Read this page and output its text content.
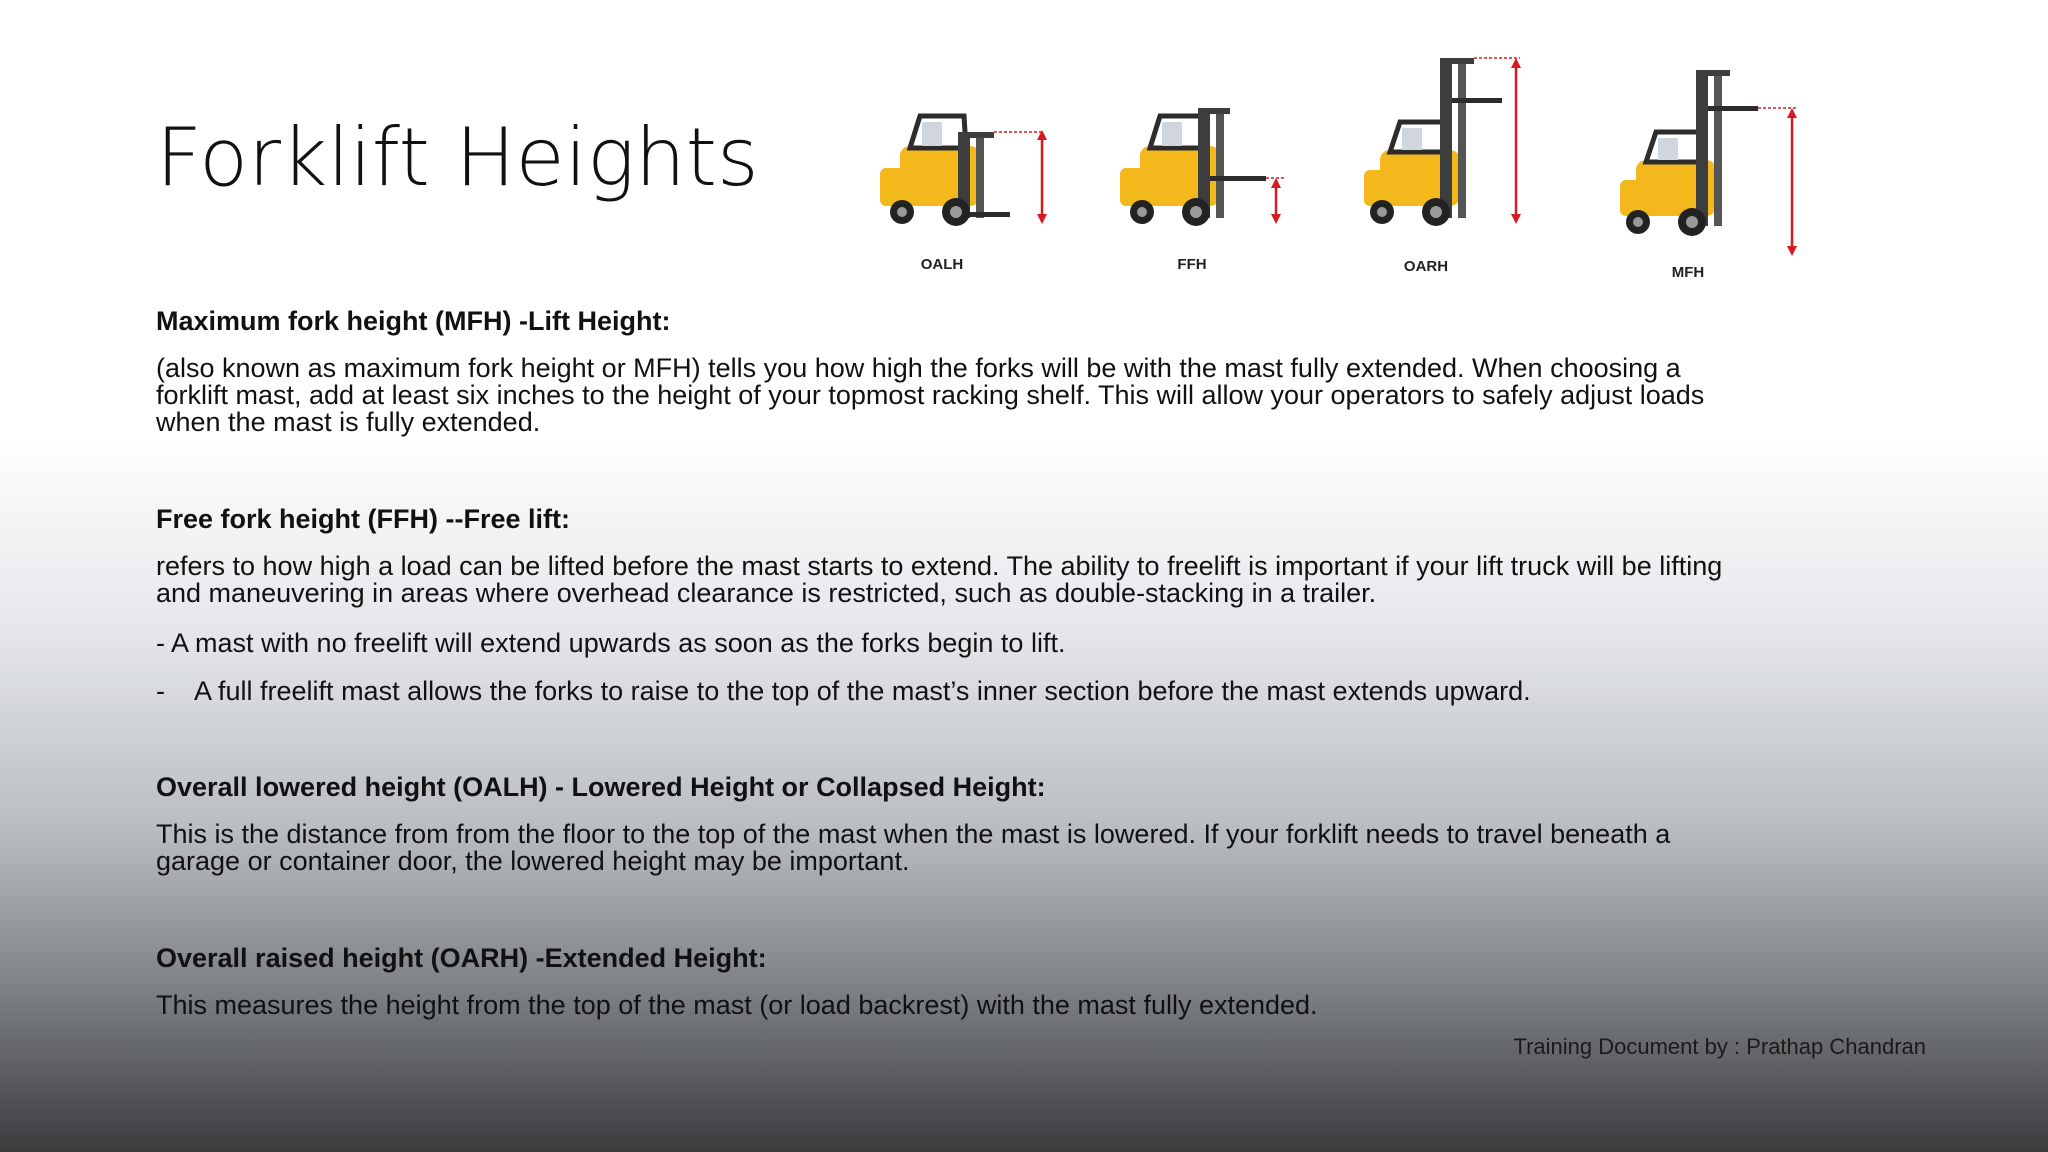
Forklift Heights
OALH	FFH	OARH	MFH
Maximum fork height (MFH) -Lift Height:
(also known as maximum fork height or MFH) tells you how high the forks will be with the mast fully extended. When choosing a
forklift mast, add at least six inches to the height of your topmost racking shelf. This will allow your operators to safely adjust loads
when the mast is fully extended.
Free fork height (FFH) --Free lift:
refers to how high a load can be lifted before the mast starts to extend. The ability to freelift is important if your lift truck will be lifting
and maneuvering in areas where overhead clearance is restricted, such as double-stacking in a trailer.
- A mast with no freelift will extend upwards as soon as the forks begin to lift.
- A full freelift mast allows the forks to raise to the top of the mast’s inner section before the mast extends upward.
Overall lowered height (OALH) - Lowered Height or Collapsed Height:
This is the distance from from the floor to the top of the mast when the mast is lowered. If your forklift needs to travel beneath a
garage or container door, the lowered height may be important.
Overall raised height (OARH) -Extended Height:
This measures the height from the top of the mast (or load backrest) with the mast fully extended.
Training Document by : Prathap Chandran
